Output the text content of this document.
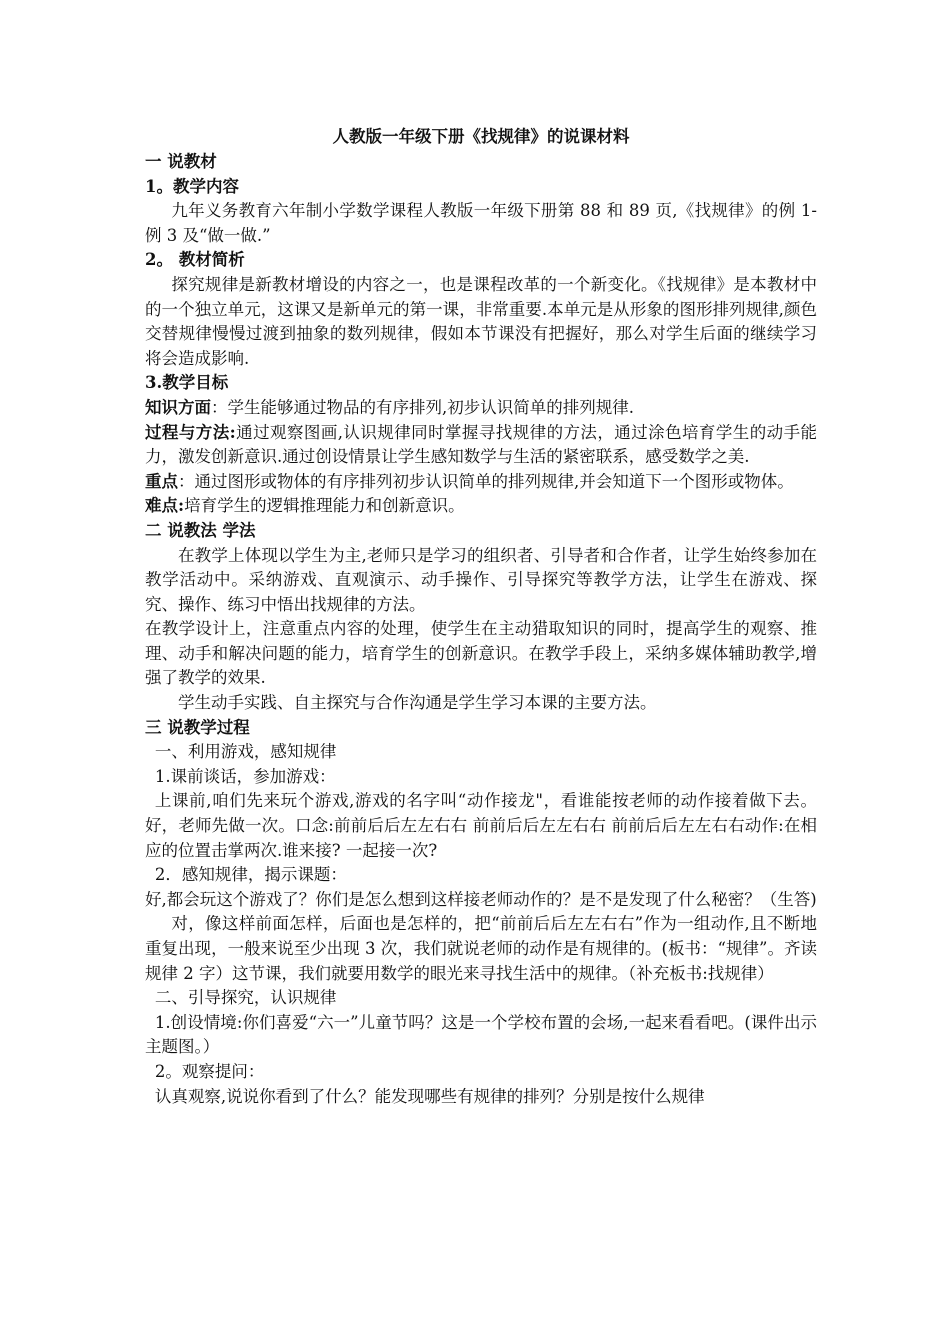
人教版一年级下册《找规律》的说课材料

一 说教材

1。教学内容

九年义务教育六年制小学数学课程人教版一年级下册第 88 和 89 页,《找规律》的例 1-例 3 及“做一做.”

2。 教材简析

探究规律是新教材增设的内容之一，也是课程改革的一个新变化。《找规律》是本教材中的一个独立单元，这课又是新单元的第一课，非常重要.本单元是从形象的图形排列规律,颜色交替规律慢慢过渡到抽象的数列规律，假如本节课没有把握好，那么对学生后面的继续学习将会造成影响.

3.教学目标

知识方面：学生能够通过物品的有序排列,初步认识简单的排列规律.

过程与方法:通过观察图画,认识规律同时掌握寻找规律的方法，通过涂色培育学生的动手能力，激发创新意识.通过创设情景让学生感知数学与生活的紧密联系，感受数学之美.

重点：通过图形或物体的有序排列初步认识简单的排列规律,并会知道下一个图形或物体。

难点:培育学生的逻辑推理能力和创新意识。

二 说教法 学法

在教学上体现以学生为主,老师只是学习的组织者、引导者和合作者，让学生始终参加在教学活动中。采纳游戏、直观演示、动手操作、引导探究等教学方法，让学生在游戏、探究、操作、练习中悟出找规律的方法。

在教学设计上，注意重点内容的处理，使学生在主动猎取知识的同时，提高学生的观察、推理、动手和解决问题的能力，培育学生的创新意识。在教学手段上，采纳多媒体辅助教学,增强了教学的效果.

学生动手实践、自主探究与合作沟通是学生学习本课的主要方法。

三 说教学过程

一、利用游戏，感知规律

1.课前谈话，参加游戏：

上课前,咱们先来玩个游戏,游戏的名字叫“动作接龙"，看谁能按老师的动作接着做下去。好，老师先做一次。口念:前前后后左左右右 前前后后左左右右 前前后后左左右右动作:在相应的位置击掌两次.谁来接? 一起接一次?

2．感知规律，揭示课题：

好,都会玩这个游戏了？你们是怎么想到这样接老师动作的？是不是发现了什么秘密？（生答)

对，像这样前面怎样，后面也是怎样的，把“前前后后左左右右”作为一组动作,且不断地重复出现，一般来说至少出现 3 次，我们就说老师的动作是有规律的。(板书：“规律”。齐读规律 2 字）这节课，我们就要用数学的眼光来寻找生活中的规律。（补充板书:找规律）

二、引导探究，认识规律

1.创设情境:你们喜爱“六一”儿童节吗？这是一个学校布置的会场,一起来看看吧。(课件出示主题图。）

2。观察提问：

认真观察,说说你看到了什么？能发现哪些有规律的排列？分别是按什么规律
